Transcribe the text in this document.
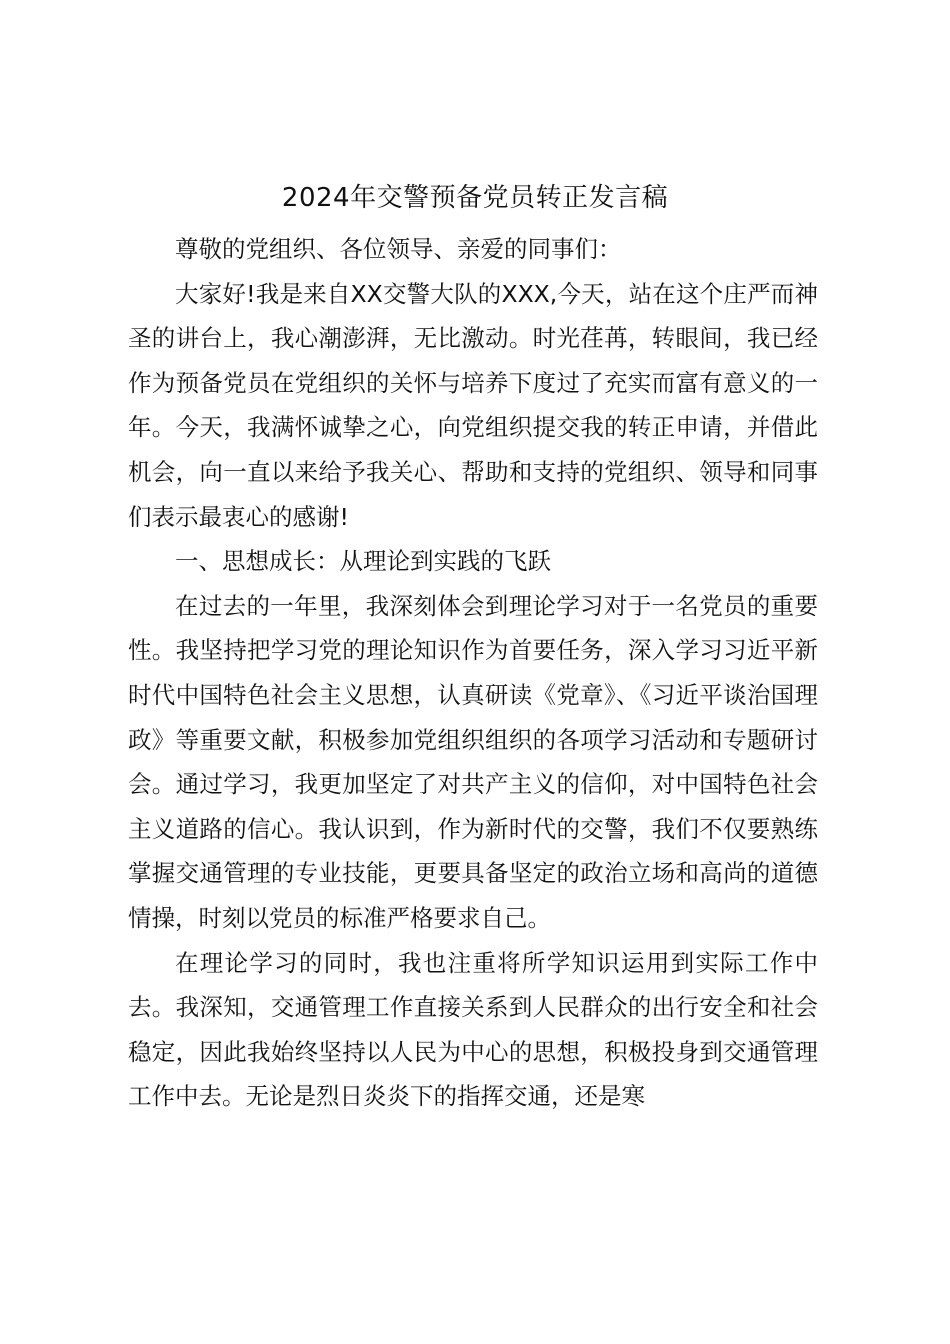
2024年交警预备党员转正发言稿

尊敬的党组织、各位领导、亲爱的同事们：

大家好!我是来自XX交警大队的XXX,今天，站在这个庄严而神圣的讲台上，我心潮澎湃，无比激动。时光荏苒，转眼间，我已经作为预备党员在党组织的关怀与培养下度过了充实而富有意义的一年。今天，我满怀诚挚之心，向党组织提交我的转正申请，并借此机会，向一直以来给予我关心、帮助和支持的党组织、领导和同事们表示最衷心的感谢!

一、思想成长：从理论到实践的飞跃

在过去的一年里，我深刻体会到理论学习对于一名党员的重要性。我坚持把学习党的理论知识作为首要任务，深入学习习近平新时代中国特色社会主义思想，认真研读《党章》、《习近平谈治国理政》等重要文献，积极参加党组织组织的各项学习活动和专题研讨会。通过学习，我更加坚定了对共产主义的信仰，对中国特色社会主义道路的信心。我认识到，作为新时代的交警，我们不仅要熟练掌握交通管理的专业技能，更要具备坚定的政治立场和高尚的道德情操，时刻以党员的标准严格要求自己。

在理论学习的同时，我也注重将所学知识运用到实际工作中去。我深知，交通管理工作直接关系到人民群众的出行安全和社会稳定，因此我始终坚持以人民为中心的思想，积极投身到交通管理工作中去。无论是烈日炎炎下的指挥交通，还是寒
